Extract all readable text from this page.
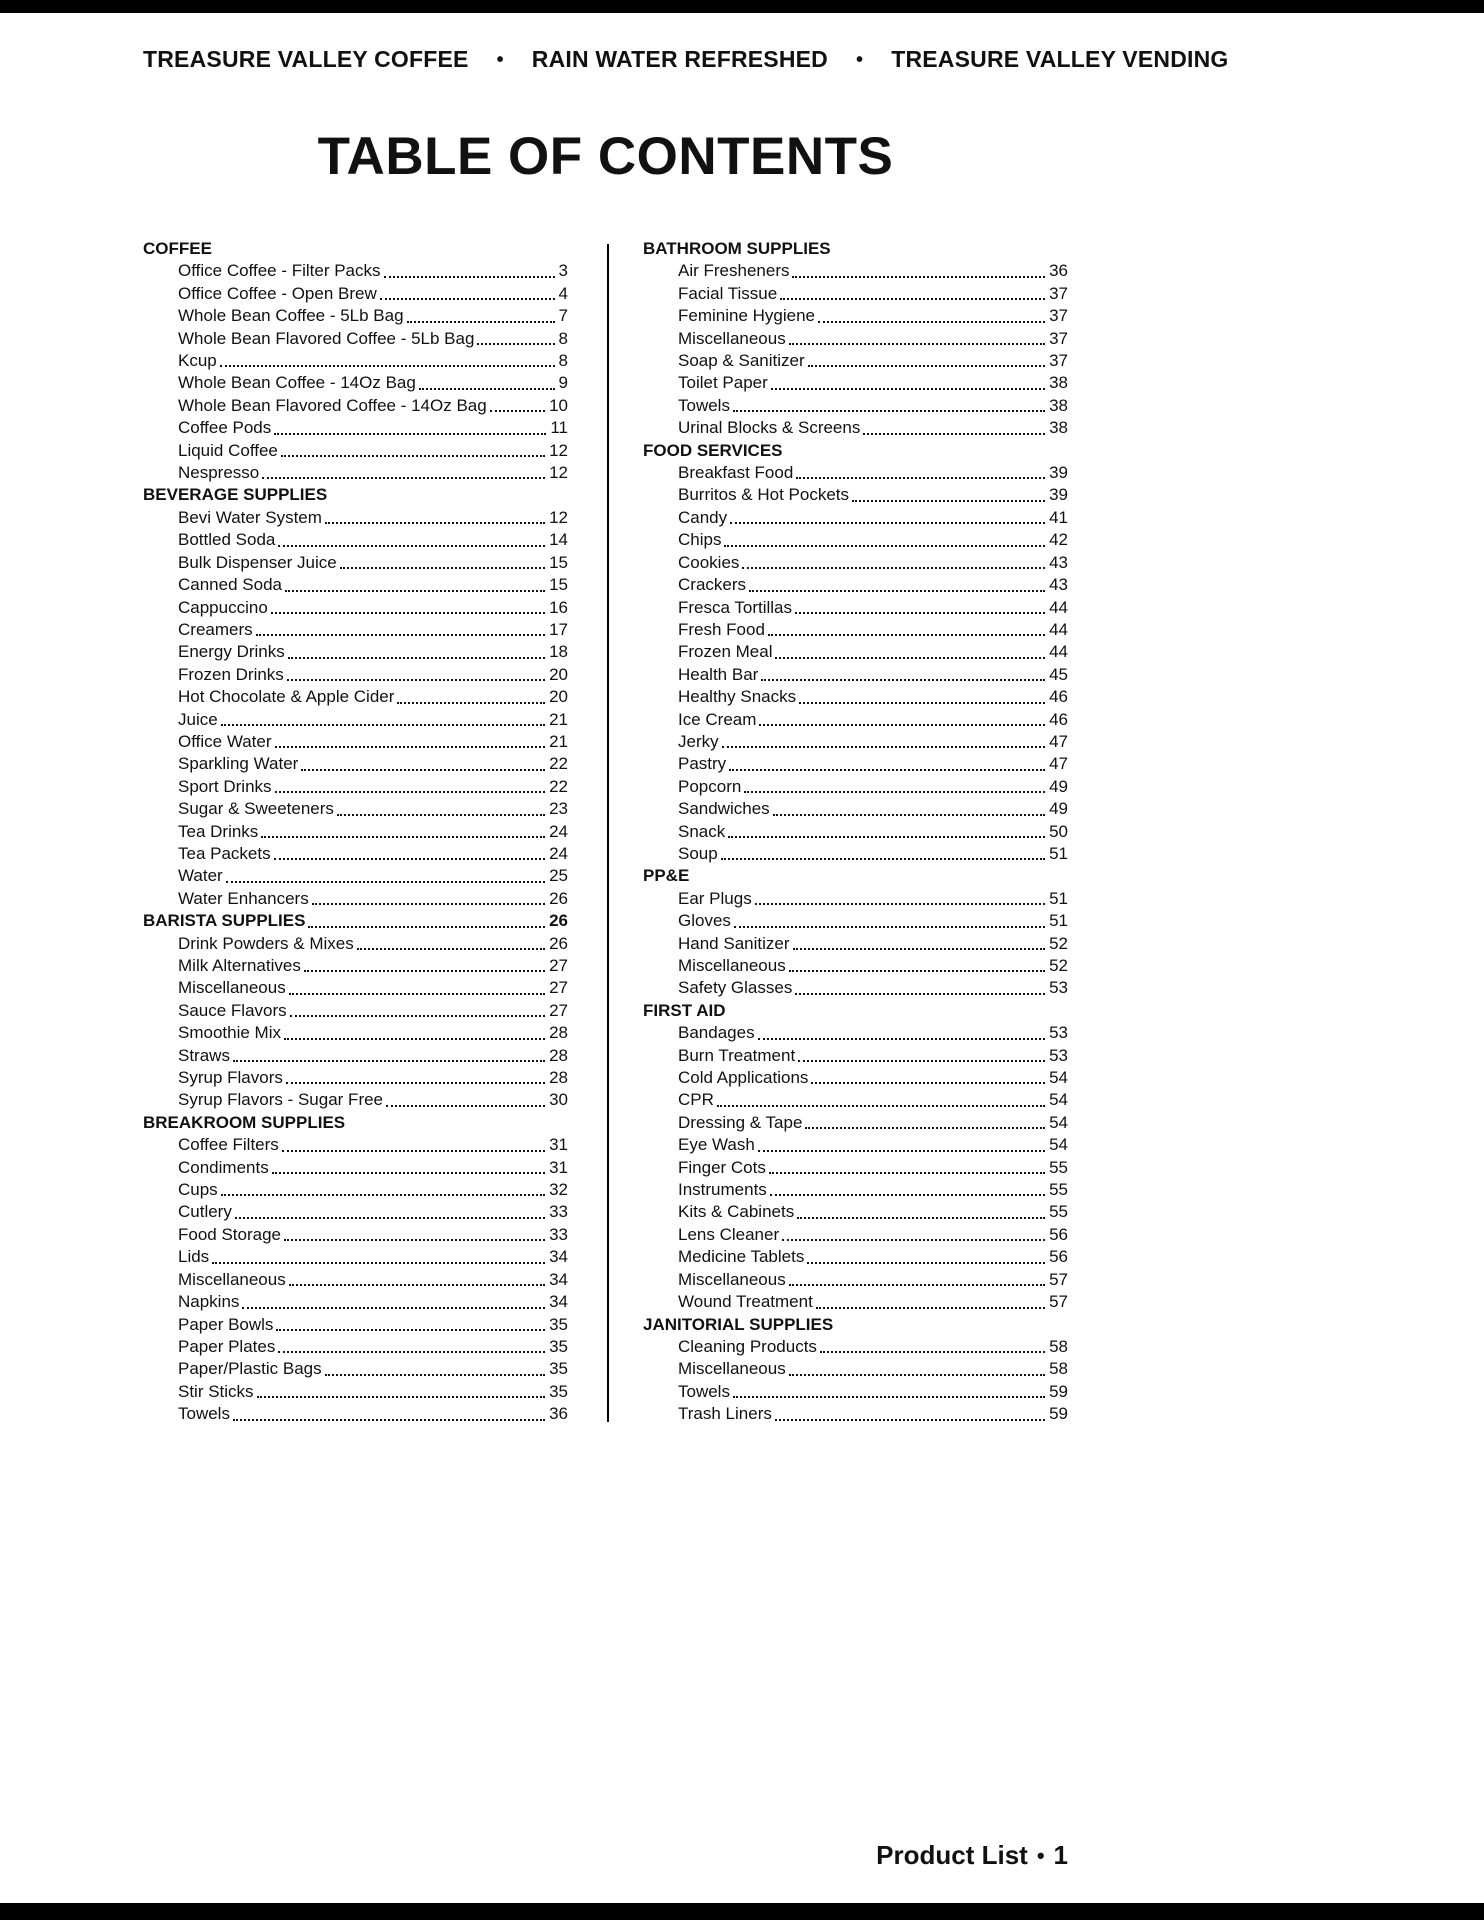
TREASURE VALLEY COFFEE • RAIN WATER REFRESHED • TREASURE VALLEY VENDING
TABLE OF CONTENTS
COFFEE
Office Coffee - Filter Packs	3
Office Coffee - Open Brew	4
Whole Bean Coffee - 5Lb Bag	7
Whole Bean Flavored Coffee - 5Lb Bag	8
Kcup	8
Whole Bean Coffee - 14Oz Bag	9
Whole Bean Flavored Coffee - 14Oz Bag	10
Coffee Pods	11
Liquid Coffee	12
Nespresso	12
BEVERAGE SUPPLIES
Bevi Water System	12
Bottled Soda	14
Bulk Dispenser Juice	15
Canned Soda	15
Cappuccino	16
Creamers	17
Energy Drinks	18
Frozen Drinks	20
Hot Chocolate & Apple Cider	20
Juice	21
Office Water	21
Sparkling Water	22
Sport Drinks	22
Sugar & Sweeteners	23
Tea Drinks	24
Tea Packets	24
Water	25
Water Enhancers	26
BARISTA SUPPLIES	26
Drink Powders & Mixes	26
Milk Alternatives	27
Miscellaneous	27
Sauce Flavors	27
Smoothie Mix	28
Straws	28
Syrup Flavors	28
Syrup Flavors - Sugar Free	30
BREAKROOM SUPPLIES
Coffee Filters	31
Condiments	31
Cups	32
Cutlery	33
Food Storage	33
Lids	34
Miscellaneous	34
Napkins	34
Paper Bowls	35
Paper Plates	35
Paper/Plastic Bags	35
Stir Sticks	35
Towels	36
BATHROOM SUPPLIES
Air Fresheners	36
Facial Tissue	37
Feminine Hygiene	37
Miscellaneous	37
Soap & Sanitizer	37
Toilet Paper	38
Towels	38
Urinal Blocks & Screens	38
FOOD SERVICES
Breakfast Food	39
Burritos & Hot Pockets	39
Candy	41
Chips	42
Cookies	43
Crackers	43
Fresca Tortillas	44
Fresh Food	44
Frozen Meal	44
Health Bar	45
Healthy Snacks	46
Ice Cream	46
Jerky	47
Pastry	47
Popcorn	49
Sandwiches	49
Snack	50
Soup	51
PP&E
Ear Plugs	51
Gloves	51
Hand Sanitizer	52
Miscellaneous	52
Safety Glasses	53
FIRST AID
Bandages	53
Burn Treatment	53
Cold Applications	54
CPR	54
Dressing & Tape	54
Eye Wash	54
Finger Cots	55
Instruments	55
Kits & Cabinets	55
Lens Cleaner	56
Medicine Tablets	56
Miscellaneous	57
Wound Treatment	57
JANITORIAL SUPPLIES
Cleaning Products	58
Miscellaneous	58
Towels	59
Trash Liners	59
Product List • 1
